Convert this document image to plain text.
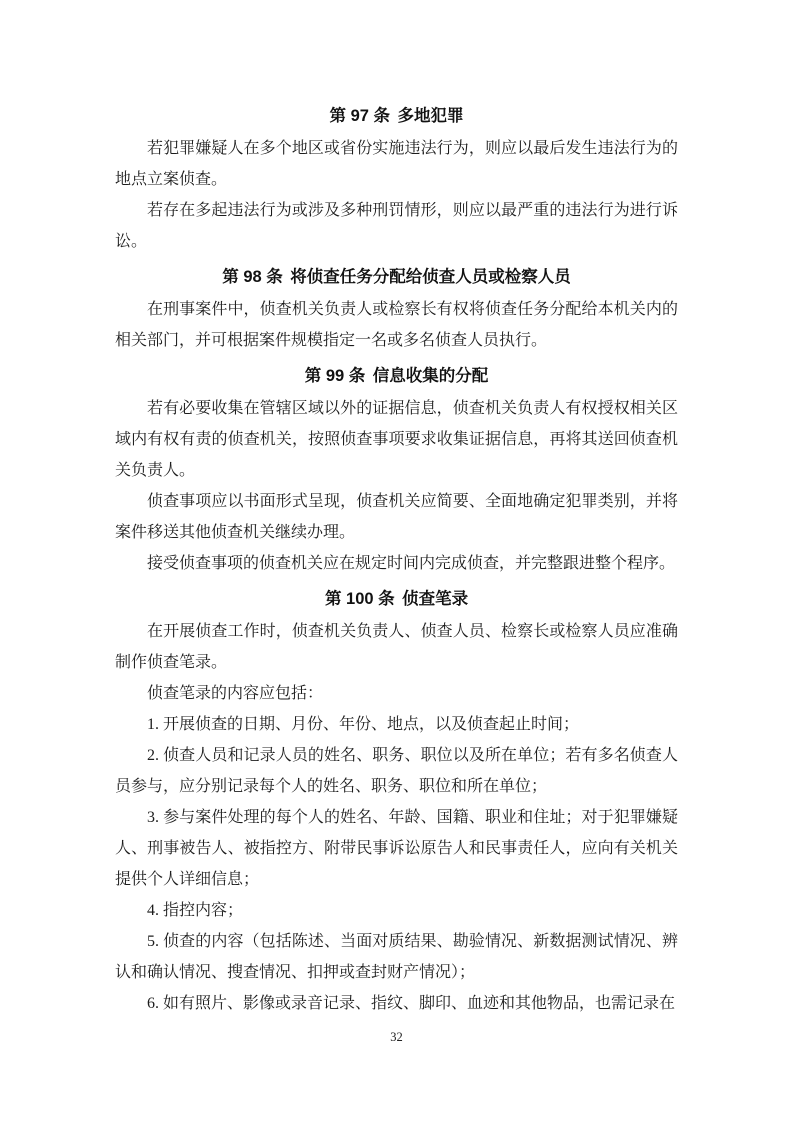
第 97 条 多地犯罪

若犯罪嫌疑人在多个地区或省份实施违法行为，则应以最后发生违法行为的地点立案侦查。

若存在多起违法行为或涉及多种刑罚情形，则应以最严重的违法行为进行诉讼。

第 98 条 将侦查任务分配给侦查人员或检察人员

在刑事案件中，侦查机关负责人或检察长有权将侦查任务分配给本机关内的相关部门，并可根据案件规模指定一名或多名侦查人员执行。

第 99 条 信息收集的分配

若有必要收集在管辖区域以外的证据信息，侦查机关负责人有权授权相关区域内有权有责的侦查机关，按照侦查事项要求收集证据信息，再将其送回侦查机关负责人。

侦查事项应以书面形式呈现，侦查机关应简要、全面地确定犯罪类别，并将案件移送其他侦查机关继续办理。

接受侦查事项的侦查机关应在规定时间内完成侦查，并完整跟进整个程序。

第 100 条 侦查笔录

在开展侦查工作时，侦查机关负责人、侦查人员、检察长或检察人员应准确制作侦查笔录。

侦查笔录的内容应包括：

1. 开展侦查的日期、月份、年份、地点，以及侦查起止时间；

2. 侦查人员和记录人员的姓名、职务、职位以及所在单位；若有多名侦查人员参与，应分别记录每个人的姓名、职务、职位和所在单位；

3. 参与案件处理的每个人的姓名、年龄、国籍、职业和住址；对于犯罪嫌疑人、刑事被告人、被指控方、附带民事诉讼原告人和民事责任人，应向有关机关提供个人详细信息；

4. 指控内容；

5. 侦查的内容（包括陈述、当面对质结果、勘验情况、新数据测试情况、辨认和确认情况、搜查情况、扣押或查封财产情况）；

6. 如有照片、影像或录音记录、指纹、脚印、血迹和其他物品，也需记录在

32
